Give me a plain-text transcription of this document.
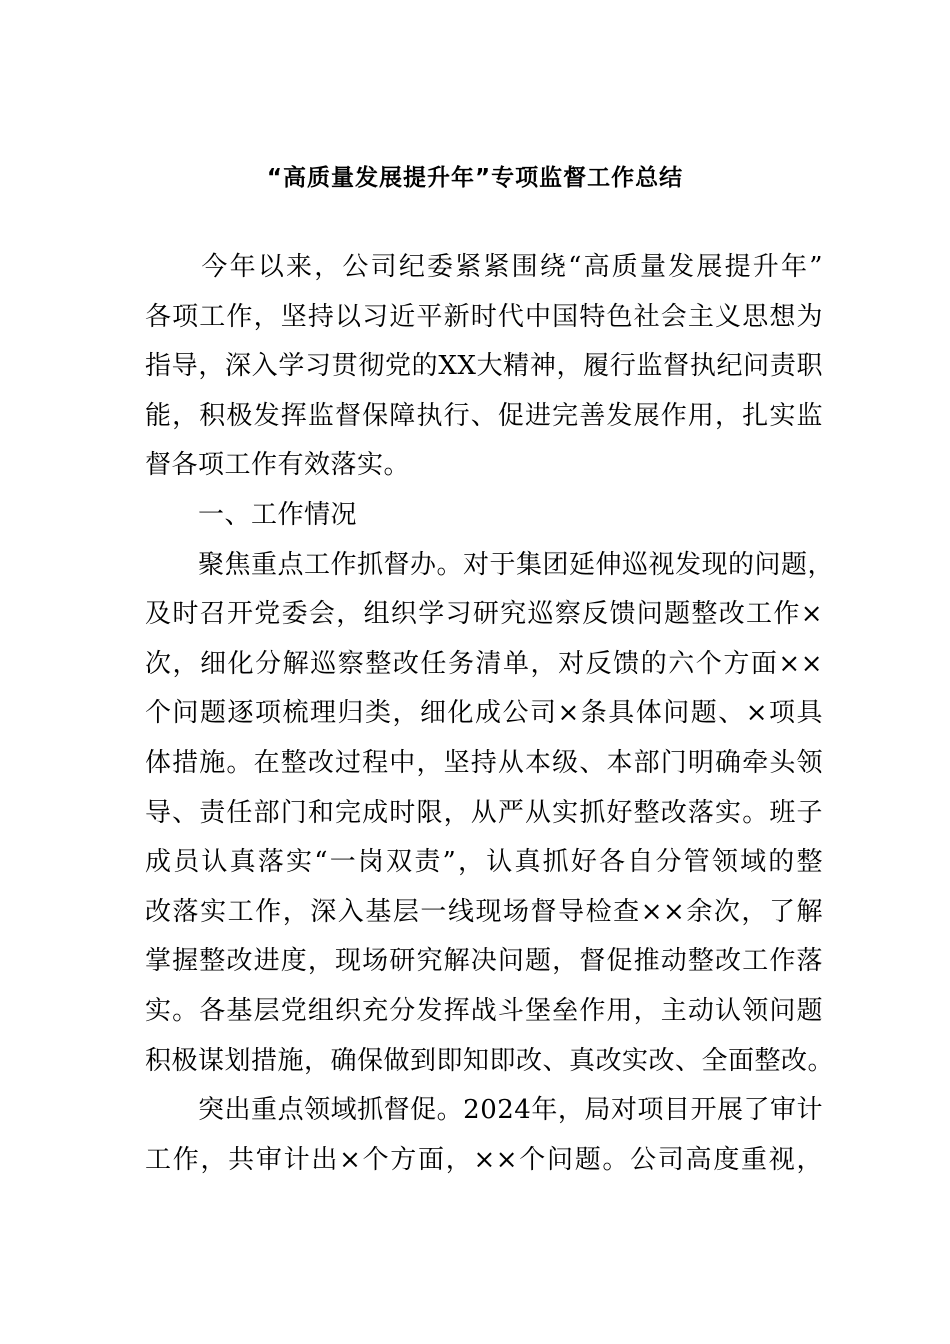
“高质量发展提升年”专项监督工作总结
　　今年以来，公司纪委紧紧围绕“高质量发展提升年”
各项工作，坚持以习近平新时代中国特色社会主义思想为
指导，深入学习贯彻党的XX大精神，履行监督执纪问责职
能，积极发挥监督保障执行、促进完善发展作用，扎实监
督各项工作有效落实。
　　一、工作情况
　　聚焦重点工作抓督办。对于集团延伸巡视发现的问题，
及时召开党委会，组织学习研究巡察反馈问题整改工作×
次，细化分解巡察整改任务清单，对反馈的六个方面××
个问题逐项梳理归类，细化成公司×条具体问题、×项具
体措施。在整改过程中，坚持从本级、本部门明确牵头领
导、责任部门和完成时限，从严从实抓好整改落实。班子
成员认真落实“一岗双责”，认真抓好各自分管领域的整
改落实工作，深入基层一线现场督导检查××余次，了解
掌握整改进度，现场研究解决问题，督促推动整改工作落
实。各基层党组织充分发挥战斗堡垒作用，主动认领问题
积极谋划措施，确保做到即知即改、真改实改、全面整改。
　　突出重点领域抓督促。2024年，局对项目开展了审计
工作，共审计出×个方面，××个问题。公司高度重视，
